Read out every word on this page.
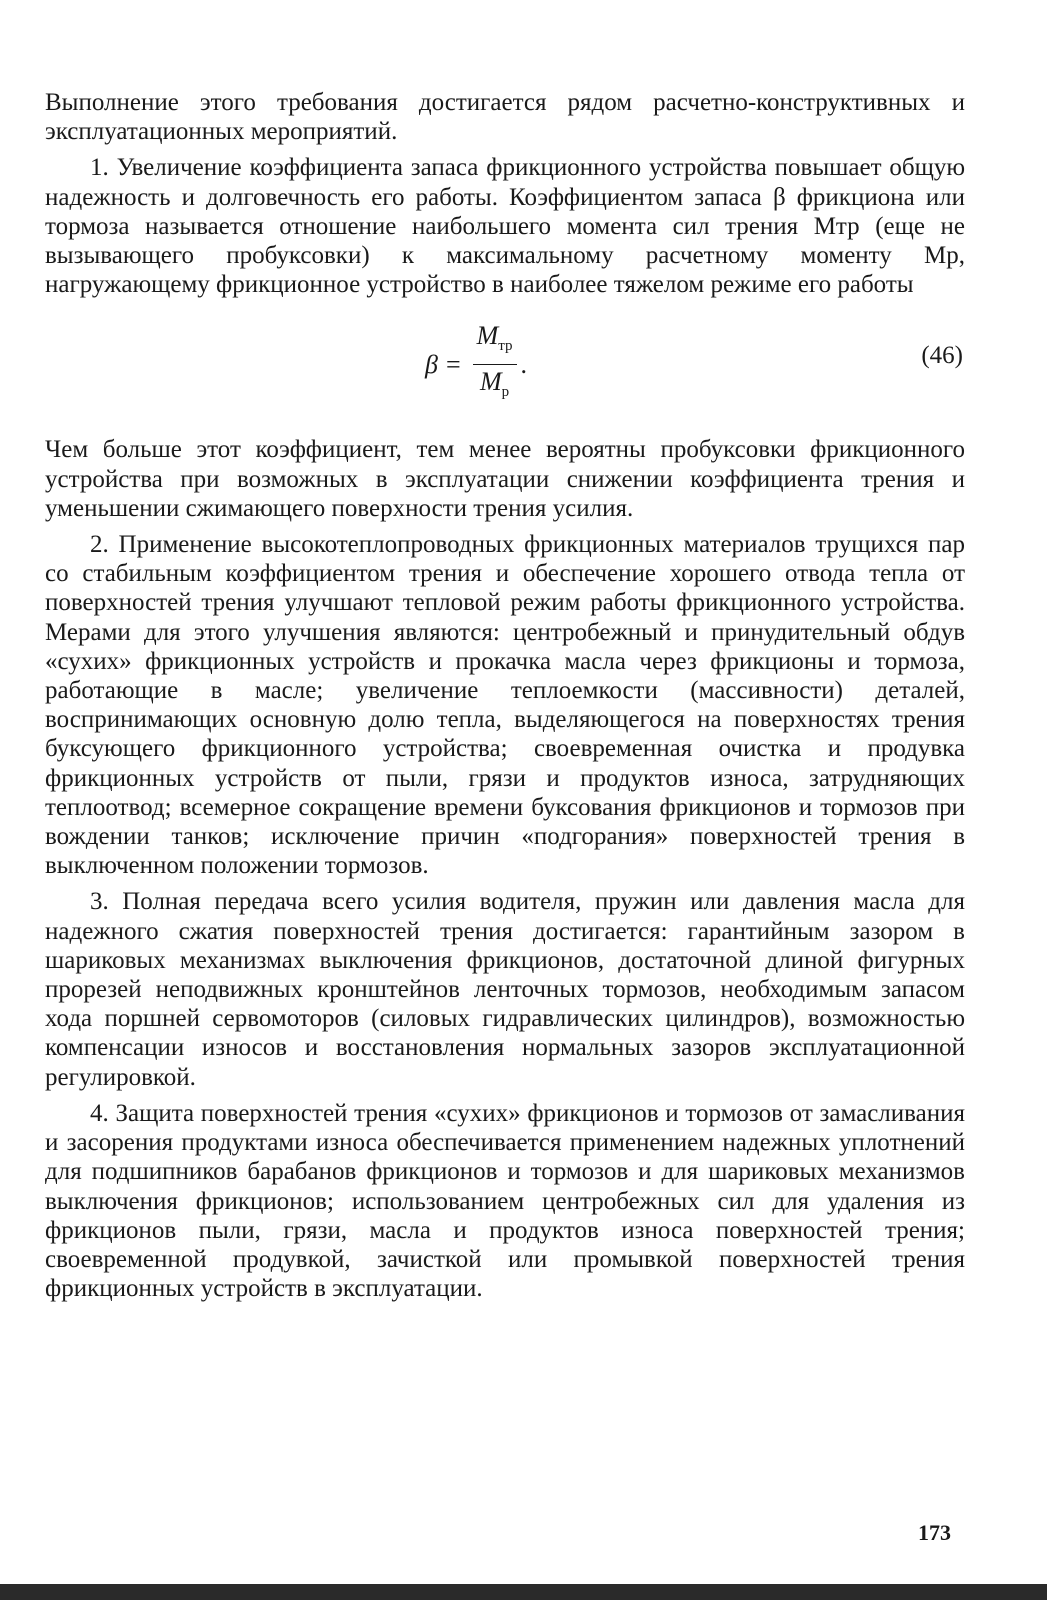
Выполнение этого требования достигается рядом расчетно-конструктивных и эксплуатационных мероприятий.

1. Увеличение коэффициента запаса фрикционного устройства повышает общую надежность и долговечность его работы. Коэффициентом запаса β фрикциона или тормоза называется отношение наибольшего момента сил трения Mтр (еще не вызывающего пробуксовки) к максимальному расчетному моменту Mр, нагружающему фрикционное устройство в наиболее тяжелом режиме его работы

$\beta = \frac{M_{тр}}{M_р}$ .	(46)

Чем больше этот коэффициент, тем менее вероятны пробуксовки фрикционного устройства при возможных в эксплуатации снижении коэффициента трения и уменьшении сжимающего поверхности трения усилия.

2. Применение высокотеплопроводных фрикционных материалов трущихся пар со стабильным коэффициентом трения и обеспечение хорошего отвода тепла от поверхностей трения улучшают тепловой режим работы фрикционного устройства. Мерами для этого улучшения являются: центробежный и принудительный обдув «сухих» фрикционных устройств и прокачка масла через фрикционы и тормоза, работающие в масле; увеличение теплоемкости (массивности) деталей, воспринимающих основную долю тепла, выделяющегося на поверхностях трения буксующего фрикционного устройства; своевременная очистка и продувка фрикционных устройств от пыли, грязи и продуктов износа, затрудняющих теплоотвод; всемерное сокращение времени буксования фрикционов и тормозов при вождении танков; исключение причин «подгорания» поверхностей трения в выключенном положении тормозов.

3. Полная передача всего усилия водителя, пружин или давления масла для надежного сжатия поверхностей трения достигается: гарантийным зазором в шариковых механизмах выключения фрикционов, достаточной длиной фигурных прорезей неподвижных кронштейнов ленточных тормозов, необходимым запасом хода поршней сервомоторов (силовых гидравлических цилиндров), возможностью компенсации износов и восстановления нормальных зазоров эксплуатационной регулировкой.

4. Защита поверхностей трения «сухих» фрикционов и тормозов от замасливания и засорения продуктами износа обеспечивается применением надежных уплотнений для подшипников барабанов фрикционов и тормозов и для шариковых механизмов выключения фрикционов; использованием центробежных сил для удаления из фрикционов пыли, грязи, масла и продуктов износа поверхностей трения; своевременной продувкой, зачисткой или промывкой поверхностей трения фрикционных устройств в эксплуатации.

173
